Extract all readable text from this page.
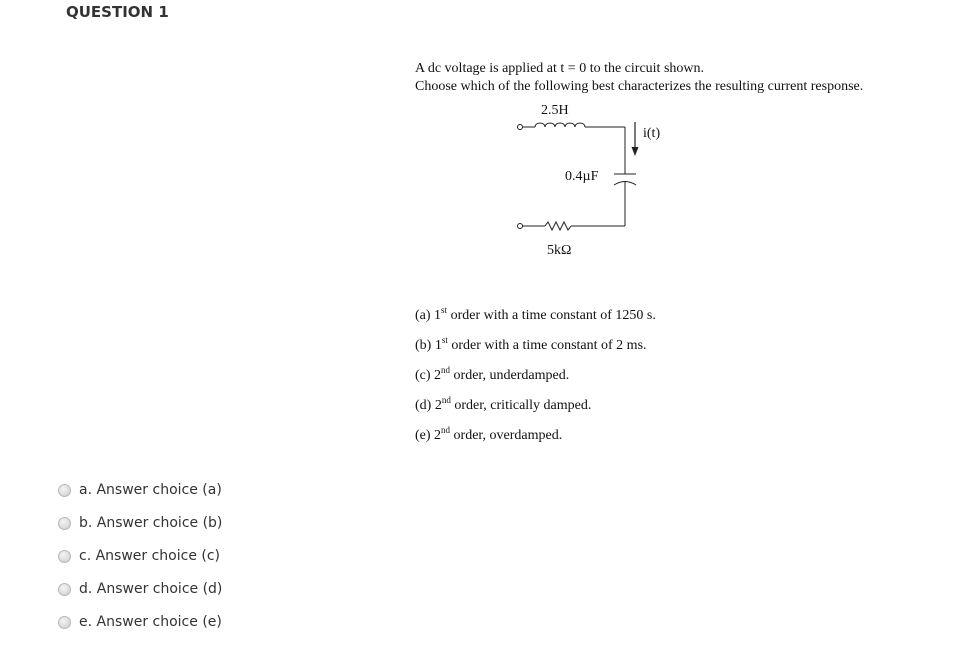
QUESTION 1
A dc voltage is applied at t = 0 to the circuit shown.
Choose which of the following best characterizes the resulting current response.
2.5H
i(t)
0.4µF
5kΩ
(a) 1st order with a time constant of 1250 s.
(b) 1st order with a time constant of 2 ms.
(c) 2nd order, underdamped.
(d) 2nd order, critically damped.
(e) 2nd order, overdamped.
a. Answer choice (a)
b. Answer choice (b)
c. Answer choice (c)
d. Answer choice (d)
e. Answer choice (e)
